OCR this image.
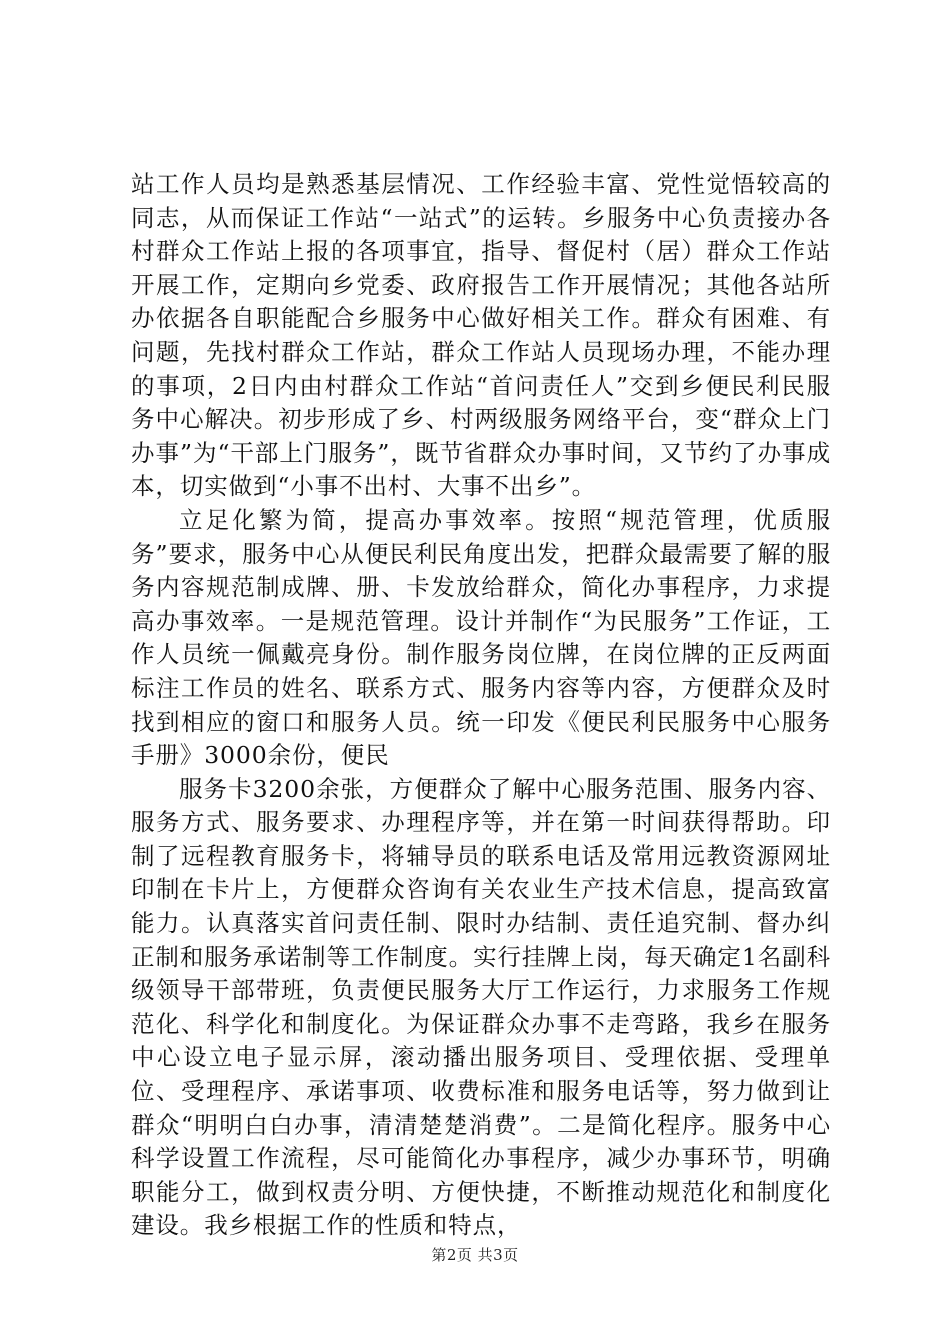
站工作人员均是熟悉基层情况、工作经验丰富、党性觉悟较高的同志，从而保证工作站“一站式”的运转。乡服务中心负责接办各村群众工作站上报的各项事宜，指导、督促村（居）群众工作站开展工作，定期向乡党委、政府报告工作开展情况；其他各站所办依据各自职能配合乡服务中心做好相关工作。群众有困难、有问题，先找村群众工作站，群众工作站人员现场办理，不能办理的事项，2日内由村群众工作站“首问责任人”交到乡便民利民服务中心解决。初步形成了乡、村两级服务网络平台，变“群众上门办事”为“干部上门服务”，既节省群众办事时间，又节约了办事成本，切实做到“小事不出村、大事不出乡”。

立足化繁为简，提高办事效率。按照“规范管理，优质服务”要求，服务中心从便民利民角度出发，把群众最需要了解的服务内容规范制成牌、册、卡发放给群众，简化办事程序，力求提高办事效率。一是规范管理。设计并制作“为民服务”工作证，工作人员统一佩戴亮身份。制作服务岗位牌，在岗位牌的正反两面标注工作员的姓名、联系方式、服务内容等内容，方便群众及时找到相应的窗口和服务人员。统一印发《便民利民服务中心服务手册》3000余份，便民

服务卡3200余张，方便群众了解中心服务范围、服务内容、服务方式、服务要求、办理程序等，并在第一时间获得帮助。印制了远程教育服务卡，将辅导员的联系电话及常用远教资源网址印制在卡片上，方便群众咨询有关农业生产技术信息，提高致富能力。认真落实首问责任制、限时办结制、责任追究制、督办纠正制和服务承诺制等工作制度。实行挂牌上岗，每天确定1名副科级领导干部带班，负责便民服务大厅工作运行，力求服务工作规范化、科学化和制度化。为保证群众办事不走弯路，我乡在服务中心设立电子显示屏，滚动播出服务项目、受理依据、受理单位、受理程序、承诺事项、收费标准和服务电话等，努力做到让群众“明明白白办事，清清楚楚消费”。二是简化程序。服务中心科学设置工作流程，尽可能简化办事程序，减少办事环节，明确职能分工，做到权责分明、方便快捷，不断推动规范化和制度化建设。我乡根据工作的性质和特点，

第2页 共3页
